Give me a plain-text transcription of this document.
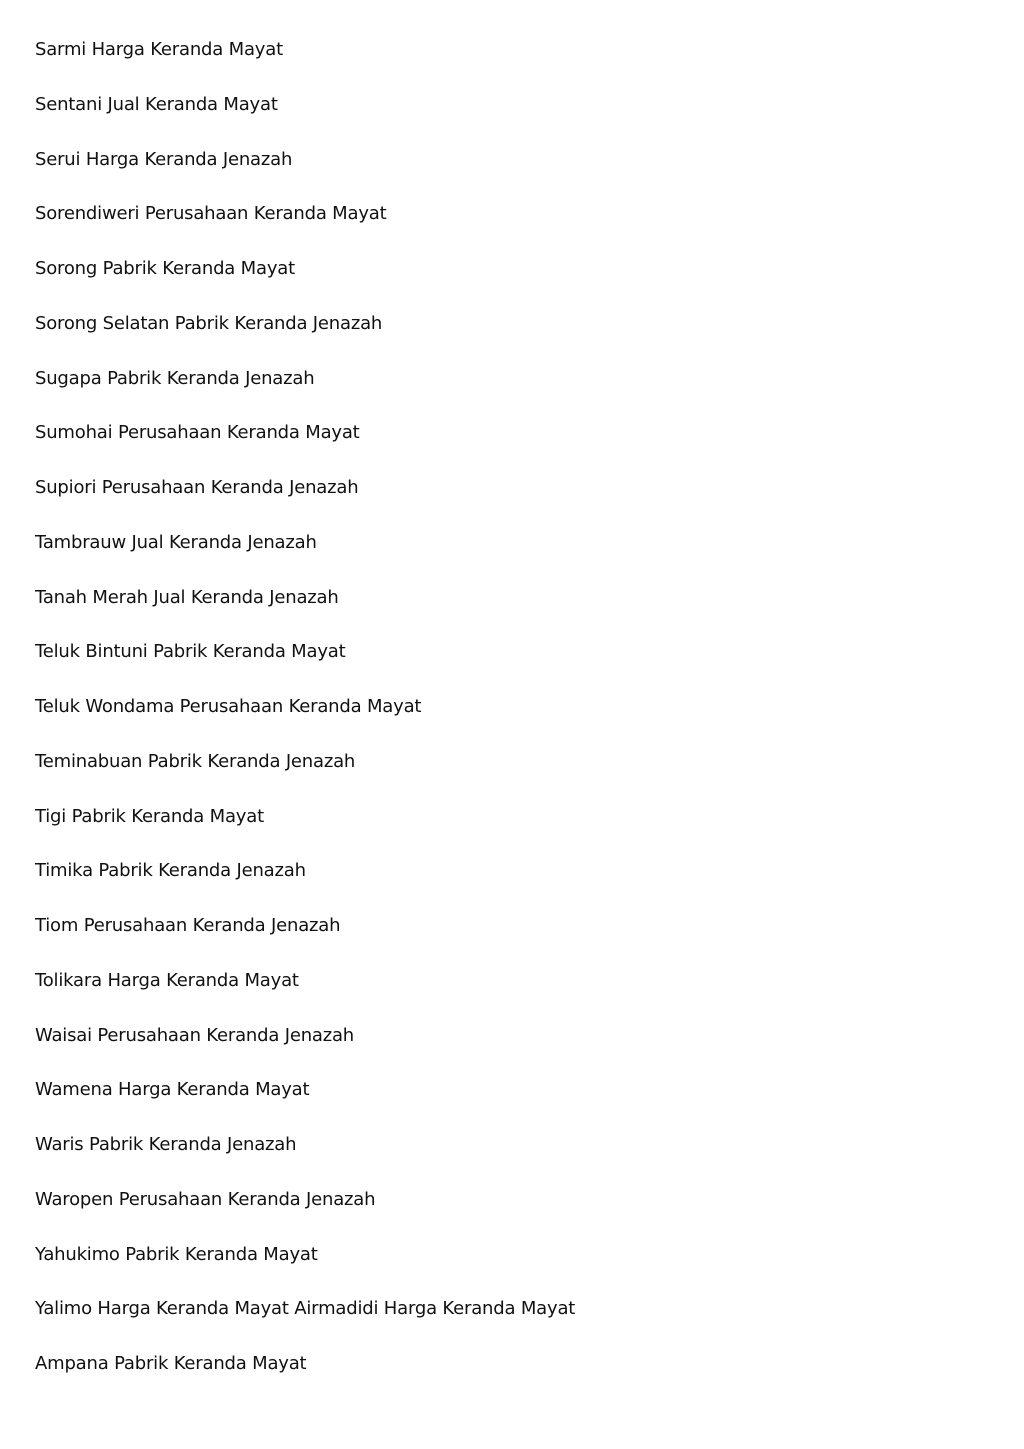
Sarmi Harga Keranda Mayat
Sentani Jual Keranda Mayat
Serui Harga Keranda Jenazah
Sorendiweri Perusahaan Keranda Mayat
Sorong Pabrik Keranda Mayat
Sorong Selatan Pabrik Keranda Jenazah
Sugapa Pabrik Keranda Jenazah
Sumohai Perusahaan Keranda Mayat
Supiori Perusahaan Keranda Jenazah
Tambrauw Jual Keranda Jenazah
Tanah Merah Jual Keranda Jenazah
Teluk Bintuni Pabrik Keranda Mayat
Teluk Wondama Perusahaan Keranda Mayat
Teminabuan Pabrik Keranda Jenazah
Tigi Pabrik Keranda Mayat
Timika Pabrik Keranda Jenazah
Tiom Perusahaan Keranda Jenazah
Tolikara Harga Keranda Mayat
Waisai Perusahaan Keranda Jenazah
Wamena Harga Keranda Mayat
Waris Pabrik Keranda Jenazah
Waropen Perusahaan Keranda Jenazah
Yahukimo Pabrik Keranda Mayat
Yalimo Harga Keranda Mayat Airmadidi Harga Keranda Mayat
Ampana Pabrik Keranda Mayat
